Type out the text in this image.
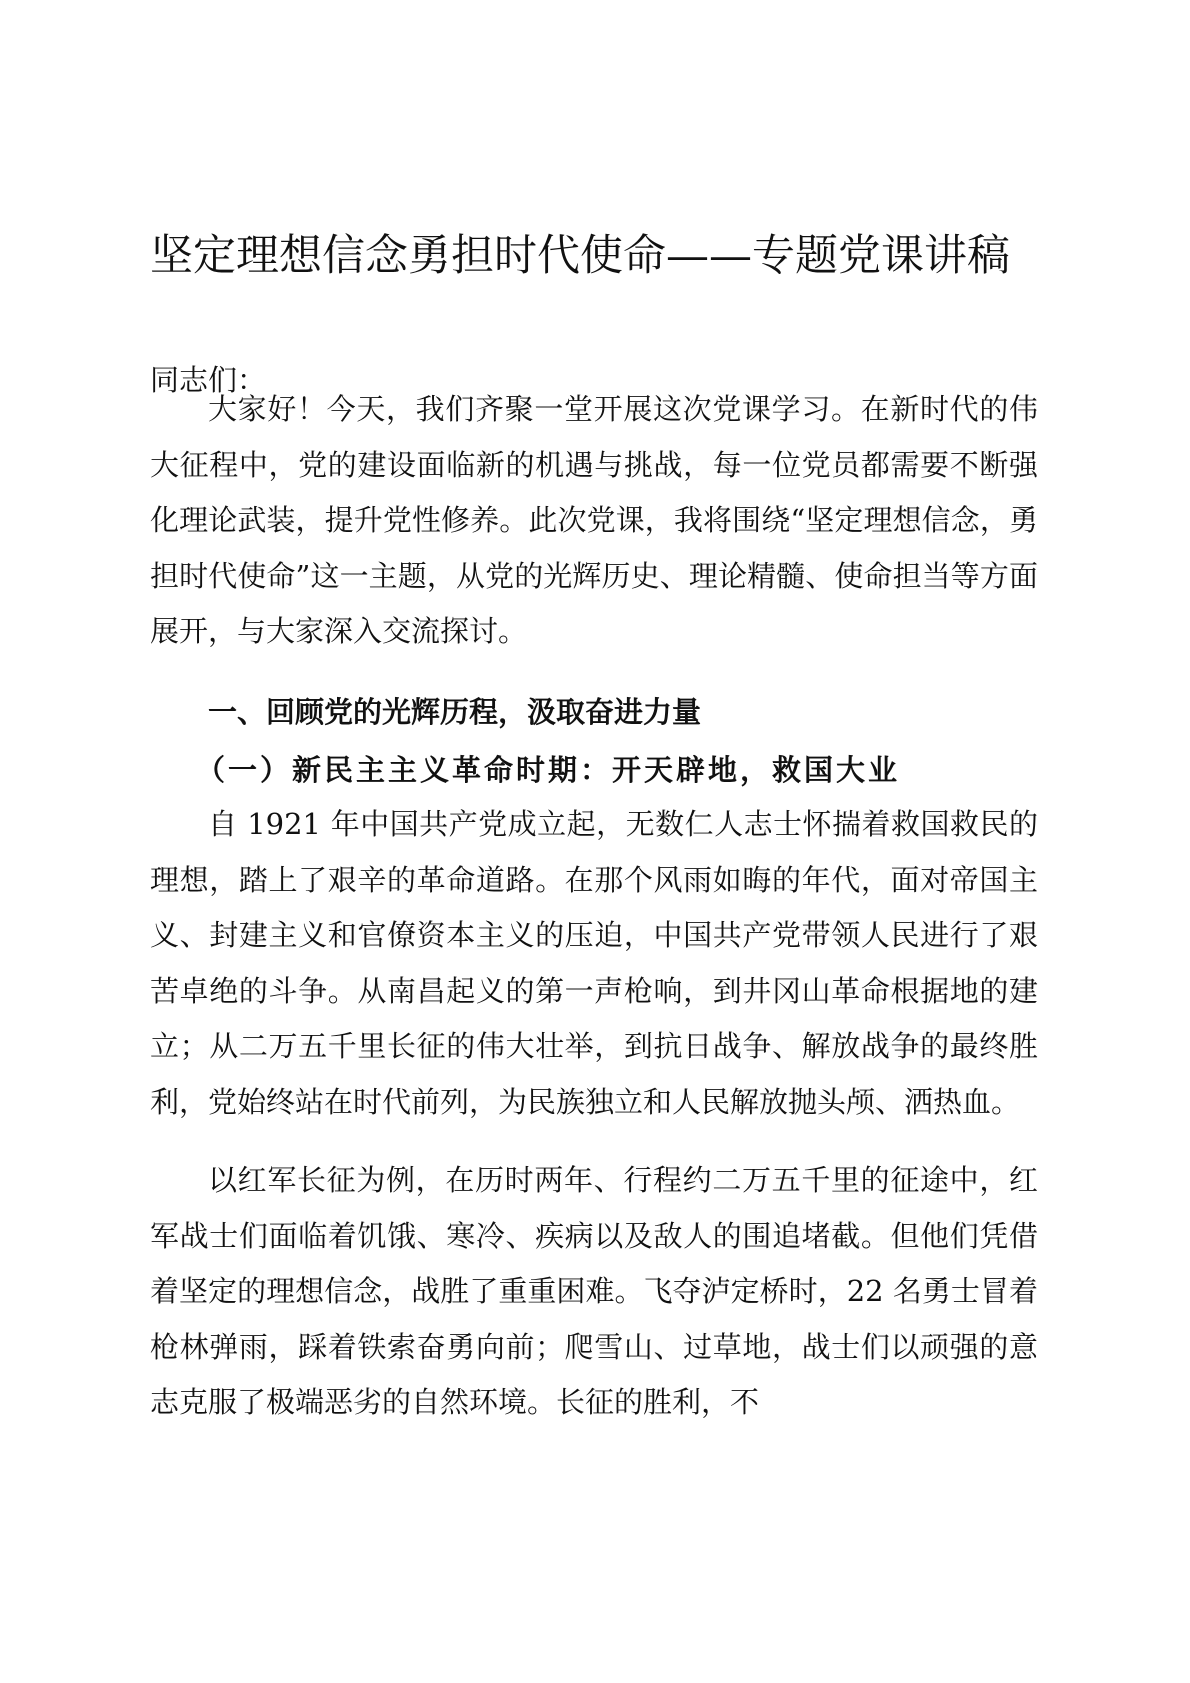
坚定理想信念勇担时代使命——专题党课讲稿
同志们：
大家好！今天，我们齐聚一堂开展这次党课学习。在新时代的伟大征程中，党的建设面临新的机遇与挑战，每一位党员都需要不断强化理论武装，提升党性修养。此次党课，我将围绕“坚定理想信念，勇担时代使命”这一主题，从党的光辉历史、理论精髓、使命担当等方面展开，与大家深入交流探讨。
一、回顾党的光辉历程，汲取奋进力量
（一）新民主主义革命时期：开天辟地，救国大业
自 1921 年中国共产党成立起，无数仁人志士怀揣着救国救民的理想，踏上了艰辛的革命道路。在那个风雨如晦的年代，面对帝国主义、封建主义和官僚资本主义的压迫，中国共产党带领人民进行了艰苦卓绝的斗争。从南昌起义的第一声枪响，到井冈山革命根据地的建立；从二万五千里长征的伟大壮举，到抗日战争、解放战争的最终胜利，党始终站在时代前列，为民族独立和人民解放抛头颅、洒热血。
以红军长征为例，在历时两年、行程约二万五千里的征途中，红军战士们面临着饥饿、寒冷、疾病以及敌人的围追堵截。但他们凭借着坚定的理想信念，战胜了重重困难。飞夺泸定桥时，22 名勇士冒着枪林弹雨，踩着铁索奋勇向前；爬雪山、过草地，战士们以顽强的意志克服了极端恶劣的自然环境。长征的胜利，不
